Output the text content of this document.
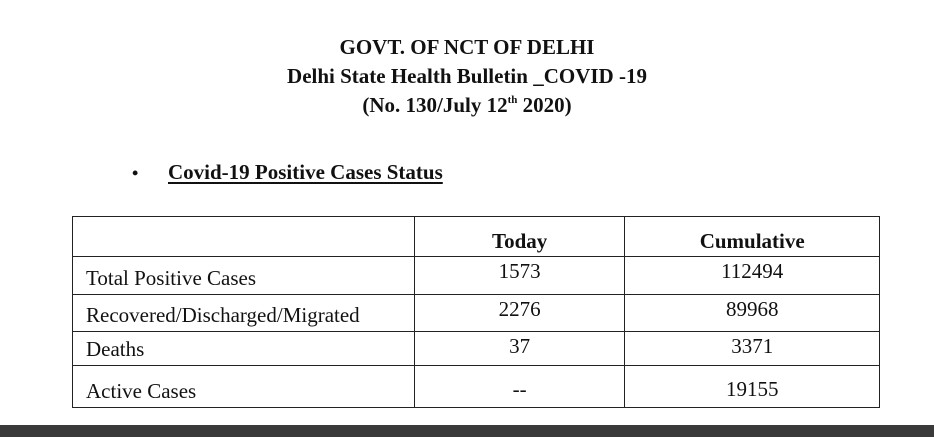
GOVT. OF NCT OF DELHI
Delhi State Health Bulletin _COVID -19
(No. 130/July 12th 2020)
• Covid-19 Positive Cases Status
	Today	Cumulative
Total Positive Cases	1573	112494
Recovered/Discharged/Migrated	2276	89968
Deaths	37	3371
Active Cases	--	19155
